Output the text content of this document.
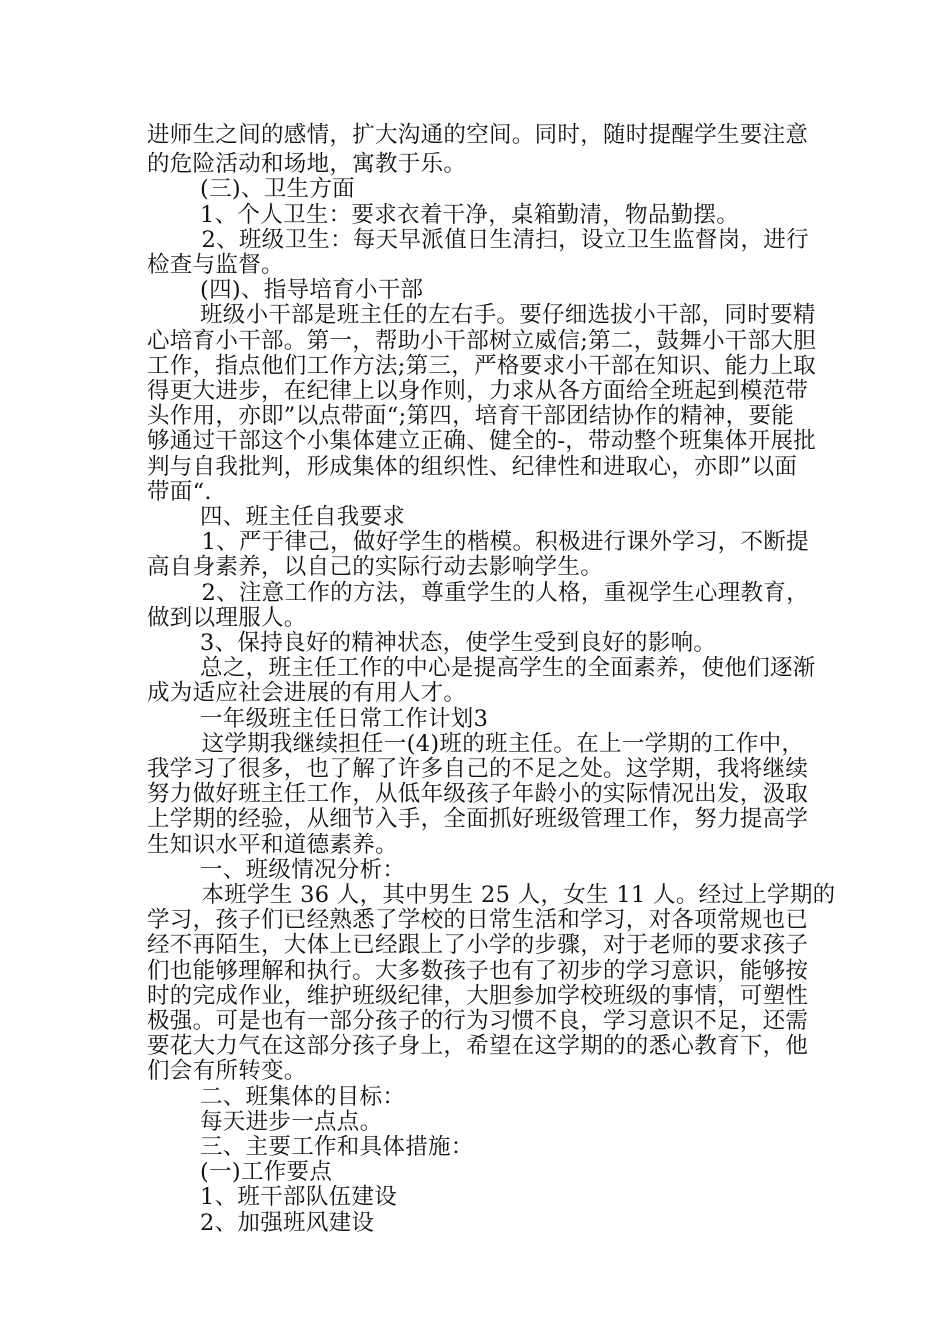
进师生之间的感情，扩大沟通的空间。同时，随时提醒学生要注意
的危险活动和场地，寓教于乐。
(三)、卫生方面
1、个人卫生：要求衣着干净，桌箱勤清，物品勤摆。
2、班级卫生：每天早派值日生清扫，设立卫生监督岗，进行
检查与监督。
(四)、指导培育小干部
班级小干部是班主任的左右手。要仔细选拔小干部，同时要精
心培育小干部。第一，帮助小干部树立威信;第二，鼓舞小干部大胆
工作，指点他们工作方法;第三，严格要求小干部在知识、能力上取
得更大进步，在纪律上以身作则，力求从各方面给全班起到模范带
头作用，亦即”以点带面“;第四，培育干部团结协作的精神，要能
够通过干部这个小集体建立正确、健全的-，带动整个班集体开展批
判与自我批判，形成集体的组织性、纪律性和进取心，亦即”以面
带面“.
四、班主任自我要求
1、严于律己，做好学生的楷模。积极进行课外学习，不断提
高自身素养，以自己的实际行动去影响学生。
2、注意工作的方法，尊重学生的人格，重视学生心理教育，
做到以理服人。
3、保持良好的精神状态，使学生受到良好的影响。
总之，班主任工作的中心是提高学生的全面素养，使他们逐渐
成为适应社会进展的有用人才。
一年级班主任日常工作计划3
这学期我继续担任一(4)班的班主任。在上一学期的工作中，
我学习了很多，也了解了许多自己的不足之处。这学期，我将继续
努力做好班主任工作，从低年级孩子年龄小的实际情况出发，汲取
上学期的经验，从细节入手，全面抓好班级管理工作，努力提高学
生知识水平和道德素养。
一、班级情况分析：
本班学生 36 人，其中男生 25 人，女生 11 人。经过上学期的
学习，孩子们已经熟悉了学校的日常生活和学习，对各项常规也已
经不再陌生，大体上已经跟上了小学的步骤，对于老师的要求孩子
们也能够理解和执行。大多数孩子也有了初步的学习意识，能够按
时的完成作业，维护班级纪律，大胆参加学校班级的事情，可塑性
极强。可是也有一部分孩子的行为习惯不良，学习意识不足，还需
要花大力气在这部分孩子身上，希望在这学期的的悉心教育下，他
们会有所转变。
二、班集体的目标：
每天进步一点点。
三、主要工作和具体措施：
(一)工作要点
1、班干部队伍建设
2、加强班风建设
